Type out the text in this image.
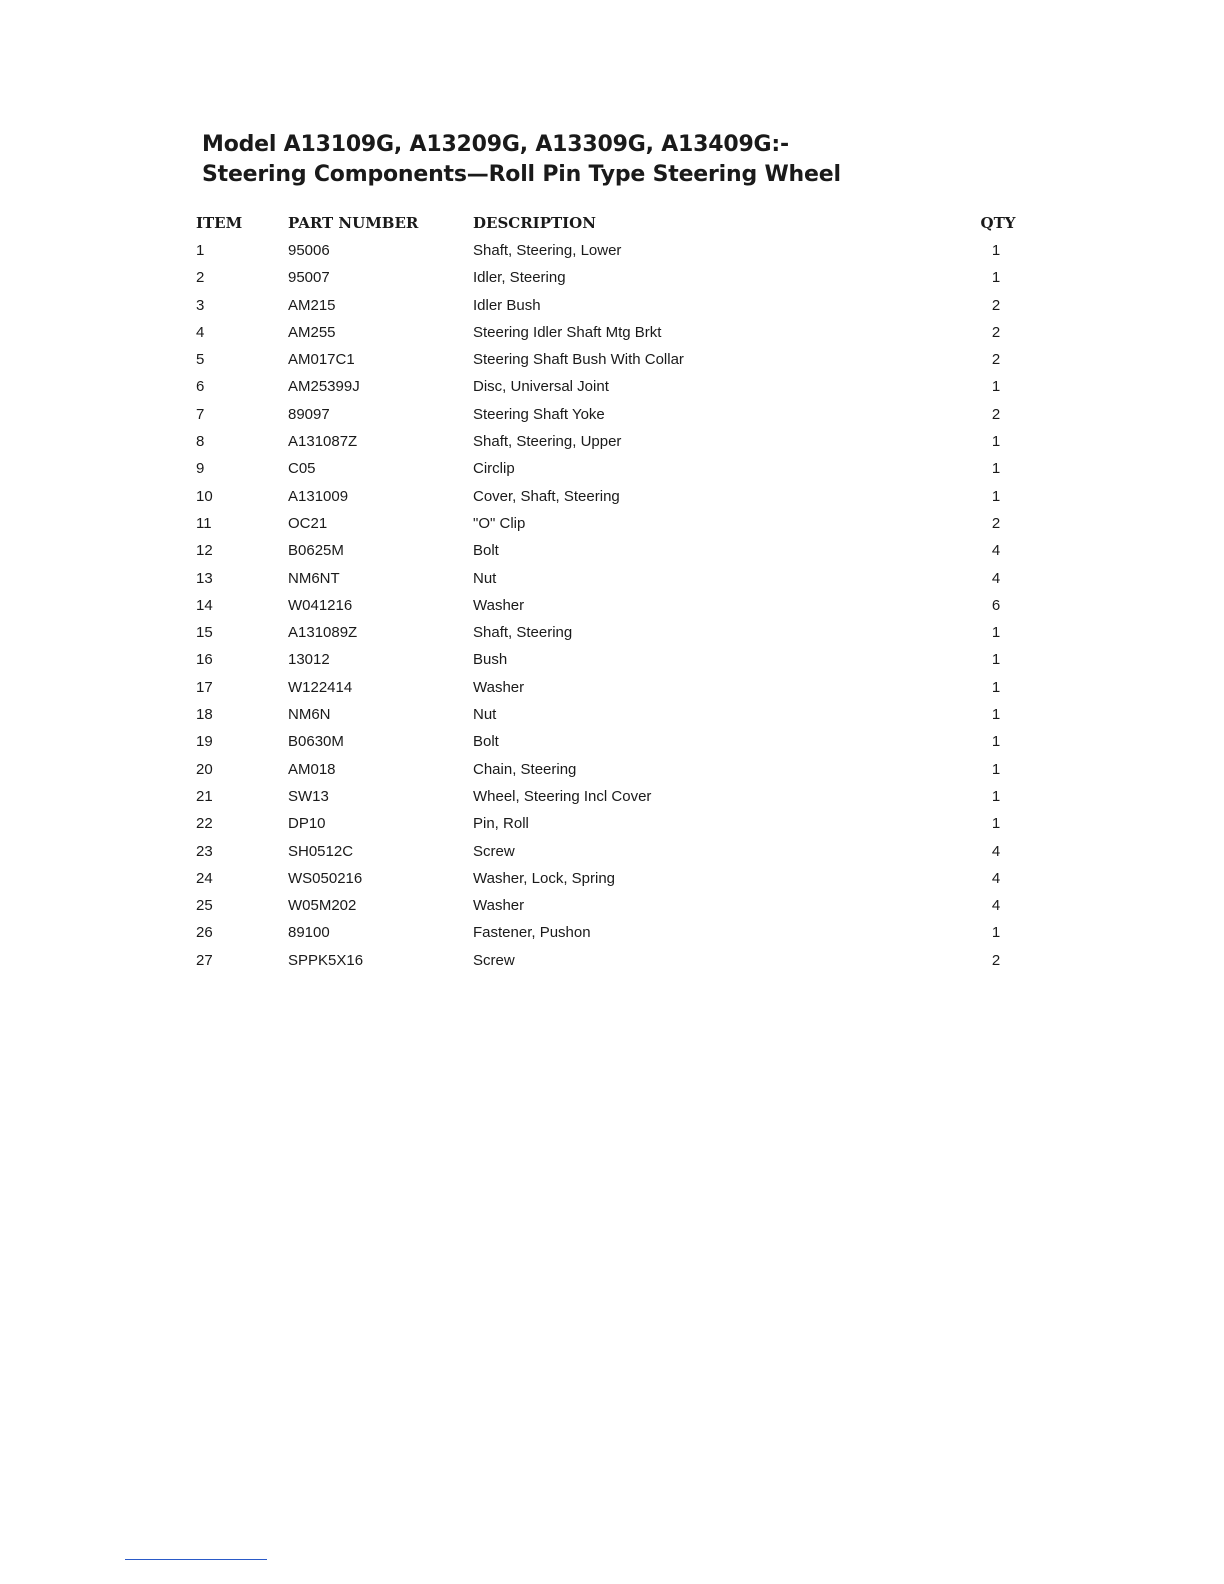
Model A13109G, A13209G, A13309G, A13409G:-
Steering Components—Roll Pin Type Steering Wheel
ITEM	PART NUMBER	DESCRIPTION	QTY
1	95006	Shaft, Steering, Lower	1
2	95007	Idler, Steering	1
3	AM215	Idler Bush	2
4	AM255	Steering Idler Shaft Mtg Brkt	2
5	AM017C1	Steering Shaft Bush With Collar	2
6	AM25399J	Disc, Universal Joint	1
7	89097	Steering Shaft Yoke	2
8	A131087Z	Shaft, Steering, Upper	1
9	C05	Circlip	1
10	A131009	Cover, Shaft, Steering	1
11	OC21	"O" Clip	2
12	B0625M	Bolt	4
13	NM6NT	Nut	4
14	W041216	Washer	6
15	A131089Z	Shaft, Steering	1
16	13012	Bush	1
17	W122414	Washer	1
18	NM6N	Nut	1
19	B0630M	Bolt	1
20	AM018	Chain, Steering	1
21	SW13	Wheel, Steering Incl Cover	1
22	DP10	Pin, Roll	1
23	SH0512C	Screw	4
24	WS050216	Washer, Lock, Spring	4
25	W05M202	Washer	4
26	89100	Fastener, Pushon	1
27	SPPK5X16	Screw	2
